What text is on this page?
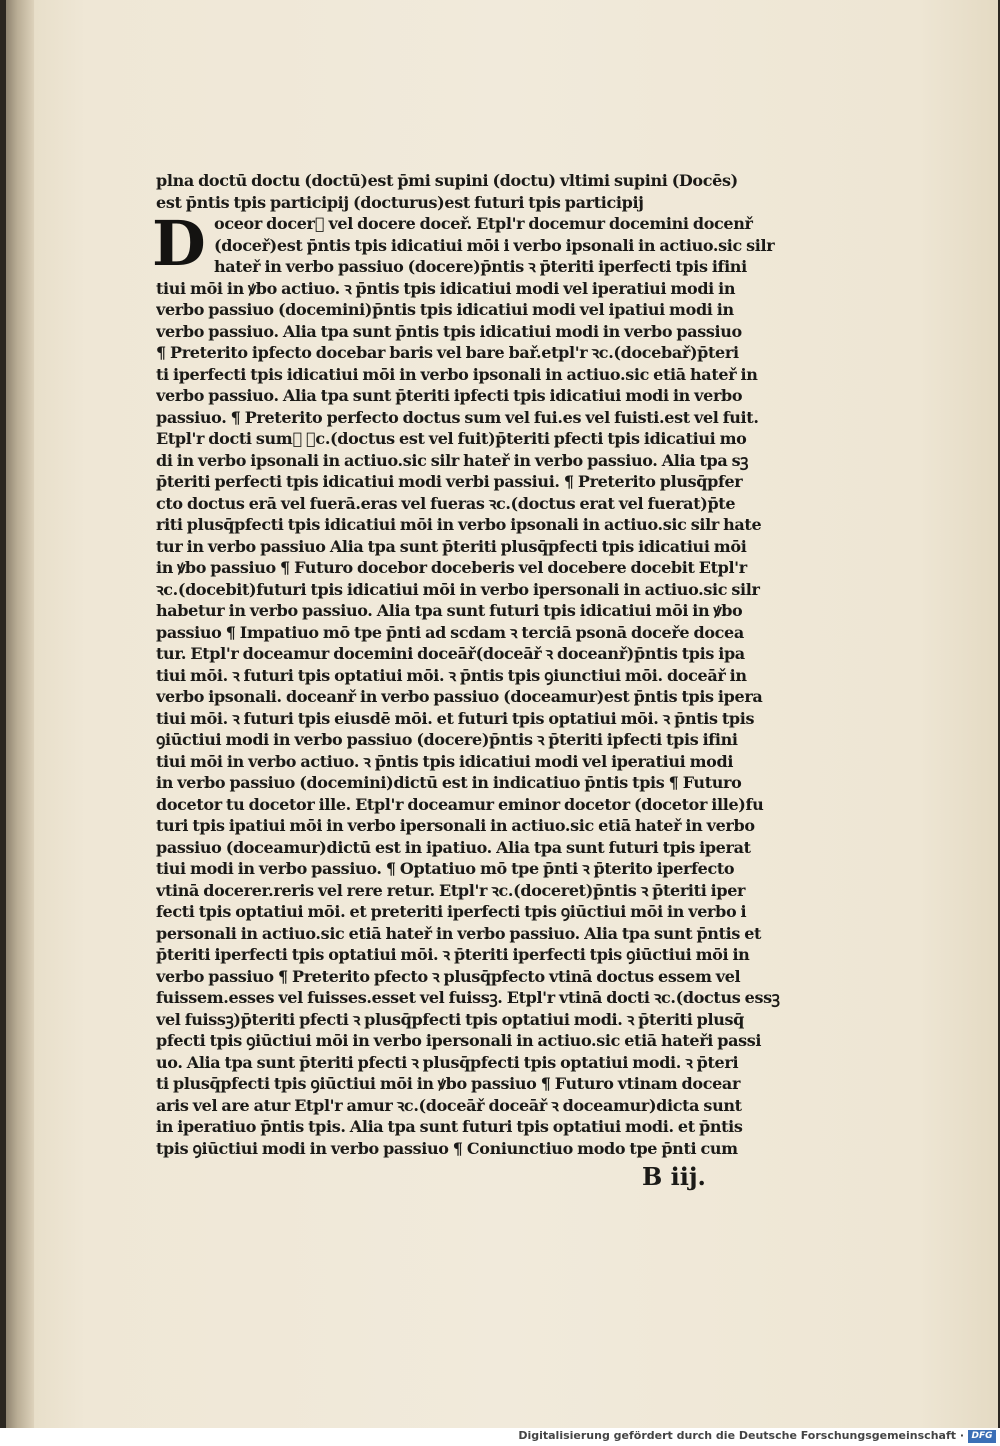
D
plna doctū doctu (doctū)est p̄mi supini (doctu) vltimi supini (Docēs)
est p̄ntis tpis participij (docturus)est futuri tpis participij
oceor docer᷒ vel docere doceř. Etpl'r docemur docemini docenř
(doceř)est p̄ntis tpis idicatiui mōi i verbo ipsonali in actiuo.sic silr
hateř in verbo passiuo (docere)p̄ntis ꝛ p̄teriti iperfecti tpis ifini
tiui mōi in ꝟbo actiuo. ꝛ p̄ntis tpis idicatiui modi vel iperatiui modi in
verbo passiuo (docemini)p̄ntis tpis idicatiui modi vel ipatiui modi in
verbo passiuo. Alia tpa sunt p̄ntis tpis idicatiui modi in verbo passiuo
¶ Preterito ipfecto docebar baris vel bare bař.etpl'r ꝛc.(docebař)p̄teri
ti iperfecti tpis idicatiui mōi in verbo ipsonali in actiuo.sic etiā hateř in
verbo passiuo. Alia tpa sunt p̄teriti ipfecti tpis idicatiui modi in verbo
passiuo. ¶ Preterito perfecto doctus sum vel fui.es vel fuisti.est vel fuit.
Etpl'r docti sum᷒ ꝛc.(doctus est vel fuit)p̄teriti pfecti tpis idicatiui mo
di in verbo ipsonali in actiuo.sic silr hateř in verbo passiuo. Alia tpa sꝫ
p̄teriti perfecti tpis idicatiui modi verbi passiui. ¶ Preterito plusq̄pfer
cto doctus erā vel fuerā.eras vel fueras ꝛc.(doctus erat vel fuerat)p̄te
riti plusq̄pfecti tpis idicatiui mōi in verbo ipsonali in actiuo.sic silr hate
tur in verbo passiuo Alia tpa sunt p̄teriti plusq̄pfecti tpis idicatiui mōi
in ꝟbo passiuo ¶ Futuro docebor doceberis vel docebere docebit Etpl'r
ꝛc.(docebit)futuri tpis idicatiui mōi in verbo ipersonali in actiuo.sic silr
habetur in verbo passiuo. Alia tpa sunt futuri tpis idicatiui mōi in ꝟbo
passiuo ¶ Impatiuo mō tpe p̄nti ad scdam ꝛ terciā psonā doceře doceа
tur. Etpl'r doceamur docemini doceāř(doceāř ꝛ doceanř)p̄ntis tpis ipa
tiui mōi. ꝛ futuri tpis optatiui mōi. ꝛ p̄ntis tpis ꝯiunctiui mōi. doceāř in
verbo ipsonali. doceanř in verbo passiuo (doceamur)est p̄ntis tpis ipera
tiui mōi. ꝛ futuri tpis eiusdē mōi. et futuri tpis optatiui mōi. ꝛ p̄ntis tpis
ꝯiūctiui modi in verbo passiuo (docere)p̄ntis ꝛ p̄teriti ipfecti tpis ifini
tiui mōi in verbo actiuo. ꝛ p̄ntis tpis idicatiui modi vel iperatiui modi
in verbo passiuo (docemini)dictū est in indicatiuo p̄ntis tpis ¶ Futuro
docetor tu docetor ille. Etpl'r doceamur eminor docetor (docetor ille)fu
turi tpis ipatiui mōi in verbo ipersonali in actiuo.sic etiā hateř in verbo
passiuo (doceamur)dictū est in ipatiuo. Alia tpa sunt futuri tpis iperat
tiui modi in verbo passiuo. ¶ Optatiuo mō tpe p̄nti ꝛ p̄terito iperfecto
vtinā docerer.reris vel rere retur. Etpl'r ꝛc.(doceret)p̄ntis ꝛ p̄teriti iper
fecti tpis optatiui mōi. et preteriti iperfecti tpis ꝯiūctiui mōi in verbo i
personali in actiuo.sic etiā hateř in verbo passiuo. Alia tpa sunt p̄ntis et
p̄teriti iperfecti tpis optatiui mōi. ꝛ p̄teriti iperfecti tpis ꝯiūctiui mōi in
verbo passiuo ¶ Preterito pfecto ꝛ plusq̄pfecto vtinā doctus essem vel
fuissem.esses vel fuisses.esset vel fuissꝫ. Etpl'r vtinā docti ꝛc.(doctus essꝫ
vel fuissꝫ)p̄teriti pfecti ꝛ plusq̄pfecti tpis optatiui modi. ꝛ p̄teriti plusq̄
pfecti tpis ꝯiūctiui mōi in verbo ipersonali in actiuo.sic etiā hateři passi
uo. Alia tpa sunt p̄teriti pfecti ꝛ plusq̄pfecti tpis optatiui modi. ꝛ p̄teri
ti plusq̄pfecti tpis ꝯiūctiui mōi in ꝟbo passiuo ¶ Futuro vtinam docear
aris vel are atur Etpl'r amur ꝛc.(doceāř doceāř ꝛ doceamur)dicta sunt
in iperatiuo p̄ntis tpis. Alia tpa sunt futuri tpis optatiui modi. et p̄ntis
tpis ꝯiūctiui modi in verbo passiuo ¶ Coniunctiuo modo tpe p̄nti cum
B iij.
Digitalisierung gefördert durch die Deutsche Forschungsgemeinschaft · DFG
